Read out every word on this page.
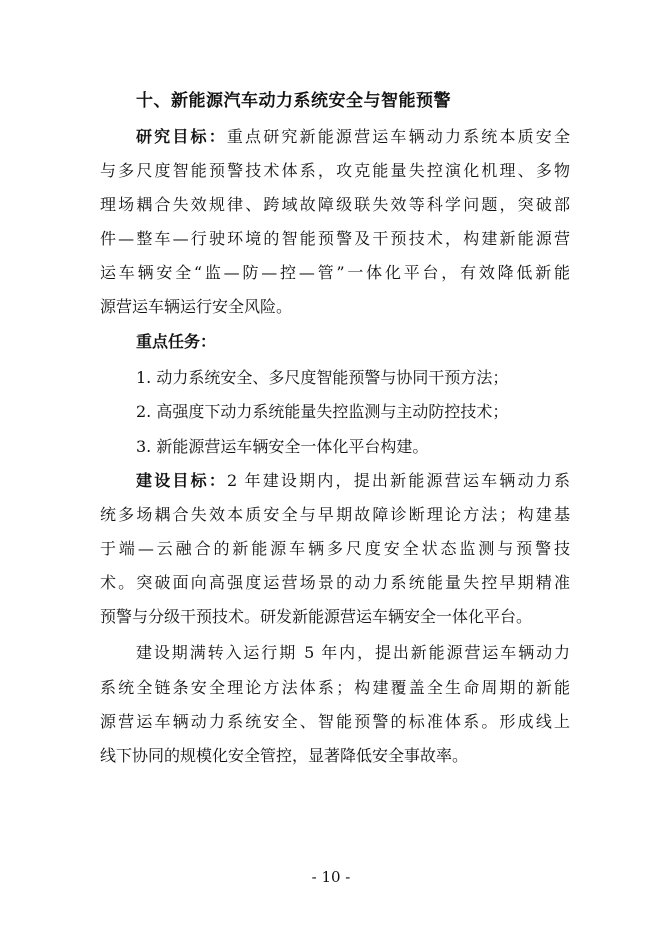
十、新能源汽车动力系统安全与智能预警
研究目标：重点研究新能源营运车辆动力系统本质安全
与多尺度智能预警技术体系，攻克能量失控演化机理、多物
理场耦合失效规律、跨域故障级联失效等科学问题，突破部
件—整车—行驶环境的智能预警及干预技术，构建新能源营
运车辆安全“监—防—控—管”一体化平台，有效降低新能
源营运车辆运行安全风险。
重点任务：
1. 动力系统安全、多尺度智能预警与协同干预方法；
2. 高强度下动力系统能量失控监测与主动防控技术；
3. 新能源营运车辆安全一体化平台构建。
建设目标：2 年建设期内，提出新能源营运车辆动力系
统多场耦合失效本质安全与早期故障诊断理论方法；构建基
于端—云融合的新能源车辆多尺度安全状态监测与预警技
术。突破面向高强度运营场景的动力系统能量失控早期精准
预警与分级干预技术。研发新能源营运车辆安全一体化平台。
建设期满转入运行期 5 年内，提出新能源营运车辆动力
系统全链条安全理论方法体系；构建覆盖全生命周期的新能
源营运车辆动力系统安全、智能预警的标准体系。形成线上
线下协同的规模化安全管控，显著降低安全事故率。
- 10 -
